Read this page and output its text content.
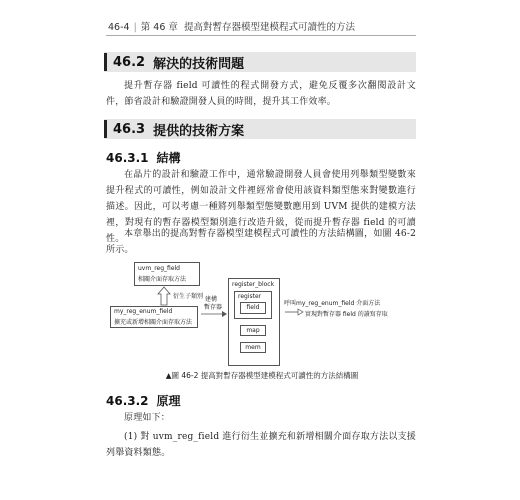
46-4 | 第 46 章 提高對暫存器模型建模程式可讀性的方法
46.2 解決的技術問題
提升暫存器 field 可讀性的程式開發方式，避免反覆多次翻閱設計文件，節省設計和驗證開發人員的時間，提升其工作效率。
46.3 提供的技術方案
46.3.1 結構
在晶片的設計和驗證工作中，通常驗證開發人員會使用列舉類型變數來提升程式的可讀性，例如設計文件裡經常會使用該資料類型態來對變數進行描述。因此，可以考慮一種將列舉類型態變數應用到 UVM 提供的建模方法裡，對現有的暫存器模型類別進行改造升級，從而提升暫存器 field 的可讀性。 本章舉出的提高對暫存器模型建模程式可讀性的方法結構圖，如圖 46-2 所示。
uvm_reg_field
相關介面存取方法
衍生子類別
my_reg_enum_field
擴充或新增相關介面存取方法
建構
暫存器
register_block
register
field
map
mem
呼叫my_reg_enum_field 介面方法
實現對暫存器 field 的讀寫存取
▲圖 46-2 提高對暫存器模型建模程式可讀性的方法結構圖
46.3.2 原理
原理如下：
(1) 對 uvm_reg_field 進行衍生並擴充和新增相關介面存取方法以支援列舉資料類態。
